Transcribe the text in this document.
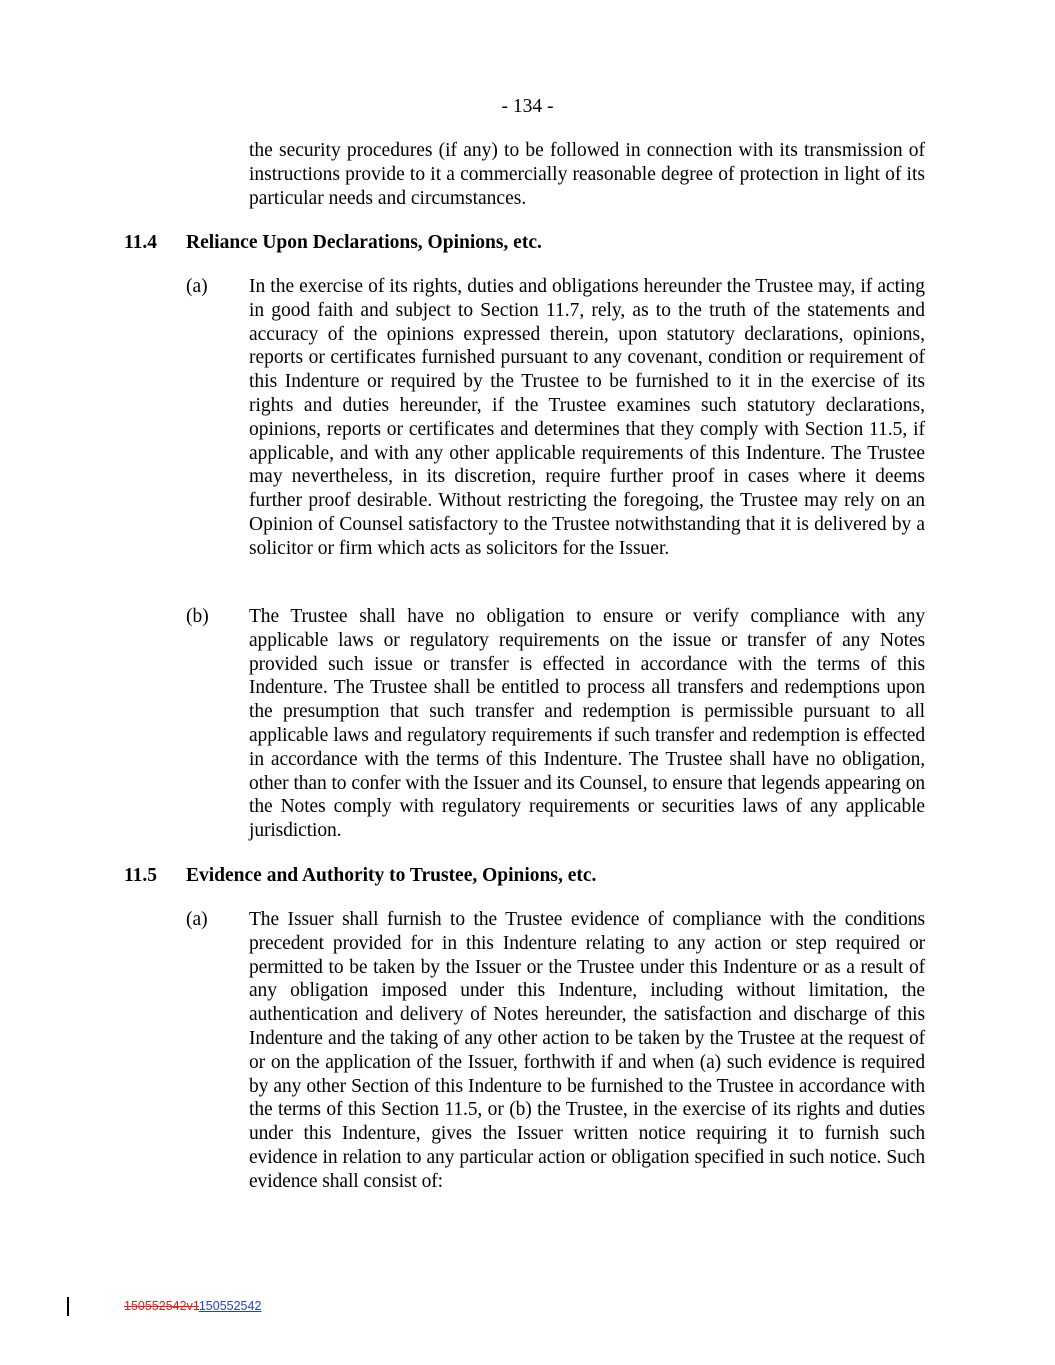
- 134 -

the security procedures (if any) to be followed in connection with its transmission of instructions provide to it a commercially reasonable degree of protection in light of its particular needs and circumstances.

11.4 Reliance Upon Declarations, Opinions, etc.
(a) In the exercise of its rights, duties and obligations hereunder the Trustee may, if acting in good faith and subject to Section 11.7, rely, as to the truth of the statements and accuracy of the opinions expressed therein, upon statutory declarations, opinions, reports or certificates furnished pursuant to any covenant, condition or requirement of this Indenture or required by the Trustee to be furnished to it in the exercise of its rights and duties hereunder, if the Trustee examines such statutory declarations, opinions, reports or certificates and determines that they comply with Section 11.5, if applicable, and with any other applicable requirements of this Indenture. The Trustee may nevertheless, in its discretion, require further proof in cases where it deems further proof desirable. Without restricting the foregoing, the Trustee may rely on an Opinion of Counsel satisfactory to the Trustee notwithstanding that it is delivered by a solicitor or firm which acts as solicitors for the Issuer.

(b) The Trustee shall have no obligation to ensure or verify compliance with any applicable laws or regulatory requirements on the issue or transfer of any Notes provided such issue or transfer is effected in accordance with the terms of this Indenture. The Trustee shall be entitled to process all transfers and redemptions upon the presumption that such transfer and redemption is permissible pursuant to all applicable laws and regulatory requirements if such transfer and redemption is effected in accordance with the terms of this Indenture. The Trustee shall have no obligation, other than to confer with the Issuer and its Counsel, to ensure that legends appearing on the Notes comply with regulatory requirements or securities laws of any applicable jurisdiction.

11.5 Evidence and Authority to Trustee, Opinions, etc.
(a) The Issuer shall furnish to the Trustee evidence of compliance with the conditions precedent provided for in this Indenture relating to any action or step required or permitted to be taken by the Issuer or the Trustee under this Indenture or as a result of any obligation imposed under this Indenture, including without limitation, the authentication and delivery of Notes hereunder, the satisfaction and discharge of this Indenture and the taking of any other action to be taken by the Trustee at the request of or on the application of the Issuer, forthwith if and when (a) such evidence is required by any other Section of this Indenture to be furnished to the Trustee in accordance with the terms of this Section 11.5, or (b) the Trustee, in the exercise of its rights and duties under this Indenture, gives the Issuer written notice requiring it to furnish such evidence in relation to any particular action or obligation specified in such notice. Such evidence shall consist of:

150552542v1150552542
